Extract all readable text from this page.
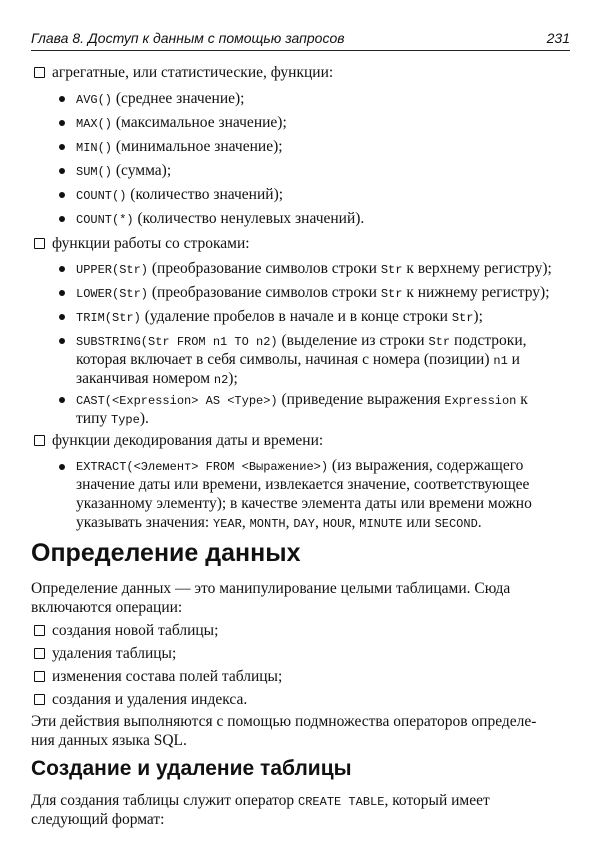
Глава 8. Доступ к данным с помощью запросов	231
агрегатные, или статистические, функции:
AVG() (среднее значение);
MAX() (максимальное значение);
MIN() (минимальное значение);
SUM() (сумма);
COUNT() (количество значений);
COUNT(*) (количество ненулевых значений).
функции работы со строками:
UPPER(Str) (преобразование символов строки Str к верхнему регистру);
LOWER(Str) (преобразование символов строки Str к нижнему регистру);
TRIM(Str) (удаление пробелов в начале и в конце строки Str);
SUBSTRING(Str FROM n1 TO n2) (выделение из строки Str подстроки,
которая включает в себя символы, начиная с номера (позиции) n1 и
заканчивая номером n2);
CAST(<Expression> AS <Type>) (приведение выражения Expression к
типу Type).
функции декодирования даты и времени:
EXTRACT(<Элемент> FROM <Выражение>) (из выражения, содержащего
значение даты или времени, извлекается значение, соответствующее
указанному элементу); в качестве элемента даты или времени можно
указывать значения: YEAR, MONTH, DAY, HOUR, MINUTE или SECOND.
Определение данных
Определение данных — это манипулирование целыми таблицами. Сюда
включаются операции:
создания новой таблицы;
удаления таблицы;
изменения состава полей таблицы;
создания и удаления индекса.
Эти действия выполняются с помощью подмножества операторов определе-
ния данных языка SQL.
Создание и удаление таблицы
Для создания таблицы служит оператор CREATE TABLE, который имеет
следующий формат:
